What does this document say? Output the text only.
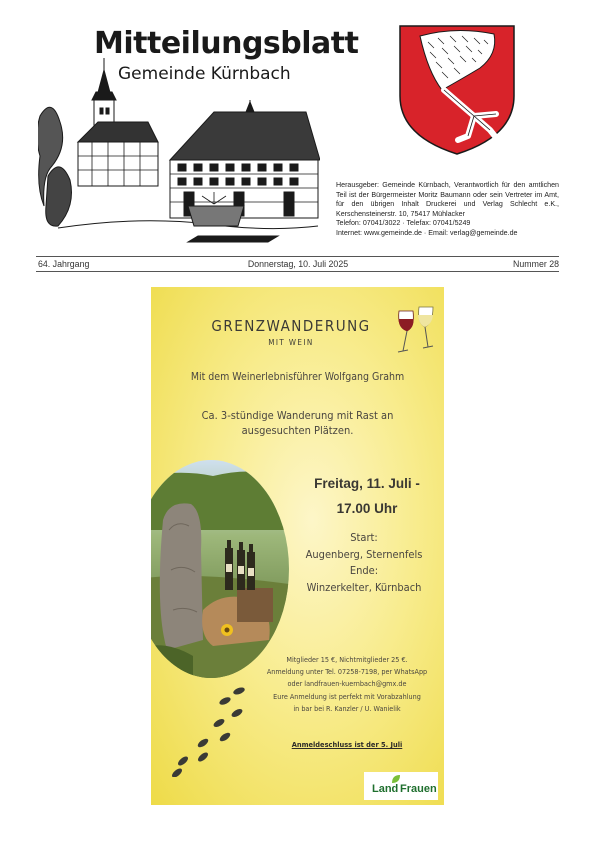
Mitteilungsblatt
Gemeinde Kürnbach

Herausgeber: Gemeinde Kürnbach, Verantwortlich für den amtlichen Teil ist der Bürgermeister Moritz Baumann oder sein Vertreter im Amt, für den übrigen Inhalt Druckerei und Verlag Schlecht e.K., Kerschensteinerstr. 10, 75417 Mühlacker

Telefon: 07041/3022 · Telefax: 07041/5249

Internet: www.gemeinde.de · Email: verlag@gemeinde.de

64. Jahrgang	Donnerstag, 10. Juli 2025	Nummer 28
GRENZWANDERUNG
MIT WEIN
Mit dem Weinerlebnisführer Wolfgang Grahm
Ca. 3-stündige Wanderung mit Rast an
ausgesuchten Plätzen.
Freitag, 11. Juli -
17.00 Uhr
Start:
Augenberg, Sternenfels
Ende:
Winzerkelter, Kürnbach
Mitglieder 15 €, Nichtmitglieder 25 €.
Anmeldung unter Tel. 07258-7198, per WhatsApp
oder landfrauen-kuernbach@gmx.de
Eure Anmeldung ist perfekt mit Vorabzahlung
in bar bei R. Kanzler / U. Wanielik
Anmeldeschluss ist der 5. Juli
Land Frauen
